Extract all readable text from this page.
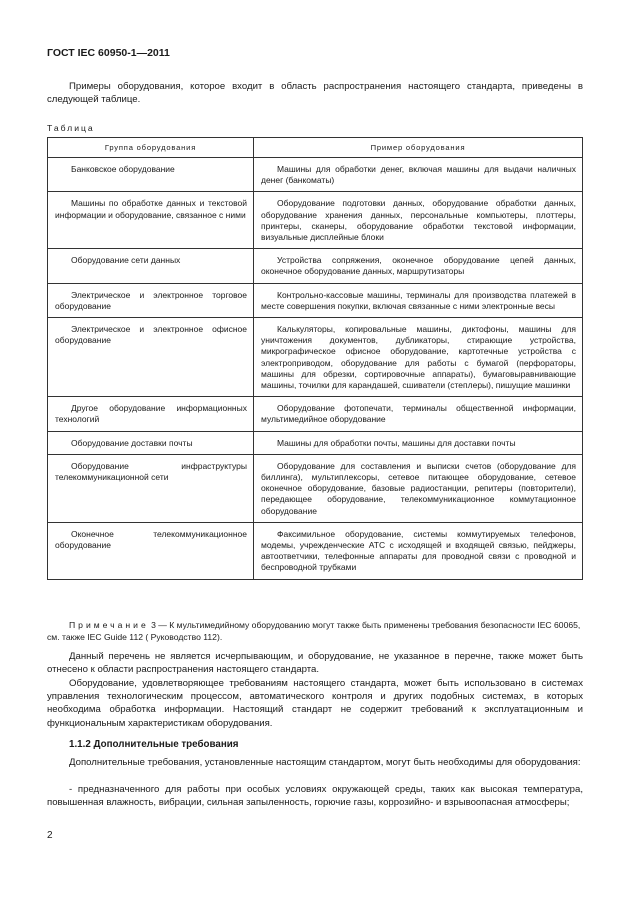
ГОСТ IEC 60950-1—2011

Примеры оборудования, которое входит в область распространения настоящего стандарта, приведены в следующей таблице.

Таблица
Группа оборудования	Пример оборудования

Банковское оборудование	Машины для обработки денег, включая машины для выдачи наличных денег (банкоматы)

Машины по обработке данных и текстовой информации и оборудование, связанное с ними	Оборудование подготовки данных, оборудование обработки данных, оборудование хранения данных, персональные компьютеры, плоттеры, принтеры, сканеры, оборудование обработки текстовой информации, визуальные дисплейные блоки

Оборудование сети данных	Устройства сопряжения, оконечное оборудование цепей данных, оконечное оборудование данных, маршрутизаторы

Электрическое и электронное торговое оборудование	Контрольно-кассовые машины, терминалы для производства платежей в месте совершения покупки, включая связанные с ними электронные весы

Электрическое и электронное офисное оборудование	Калькуляторы, копировальные машины, диктофоны, машины для уничтожения документов, дубликаторы, стирающие устройства, микрографическое офисное оборудование, картотечные устройства с электроприводом, оборудование для работы с бумагой (перфораторы, машины для обрезки, сортировочные аппараты), бумаговыравнивающие машины, точилки для карандашей, сшиватели (степлеры), пишущие машинки

Другое оборудование информационных технологий	Оборудование фотопечати, терминалы общественной информации, мультимедийное оборудование

Оборудование доставки почты	Машины для обработки почты, машины для доставки почты

Оборудование инфраструктуры телекоммуникационной сети	Оборудование для составления и выписки счетов (оборудование для биллинга), мультиплексоры, сетевое питающее оборудование, сетевое оконечное оборудование, базовые радиостанции, репитеры (повторители), передающее оборудование, телекоммуникационное коммутационное оборудование

Оконечное телекоммуникационное оборудование	Факсимильное оборудование, системы коммутируемых телефонов, модемы, учрежденческие АТС с исходящей и входящей связью, пейджеры, автоответчики, телефонные аппараты для проводной связи с проводной и беспроводной трубками
Примечание 3 — К мультимедийному оборудованию могут также быть применены требования безопасности IEC 60065, см. также IEC Guide 112 ( Руководство 112).

Данный перечень не является исчерпывающим, и оборудование, не указанное в перечне, также может быть отнесено к области распространения настоящего стандарта.

Оборудование, удовлетворяющее требованиям настоящего стандарта, может быть использовано в системах управления технологическим процессом, автоматического контроля и других подобных системах, в которых необходима обработка информации. Настоящий стандарт не содержит требований к эксплуатационным и функциональным характеристикам оборудования.

1.1.2 Дополнительные требования

Дополнительные требования, установленные настоящим стандартом, могут быть необходимы для оборудования:

- предназначенного для работы при особых условиях окружающей среды, таких как высокая температура, повышенная влажность, вибрации, сильная запыленность, горючие газы, коррозийно- и взрывоопасная атмосферы;

2
